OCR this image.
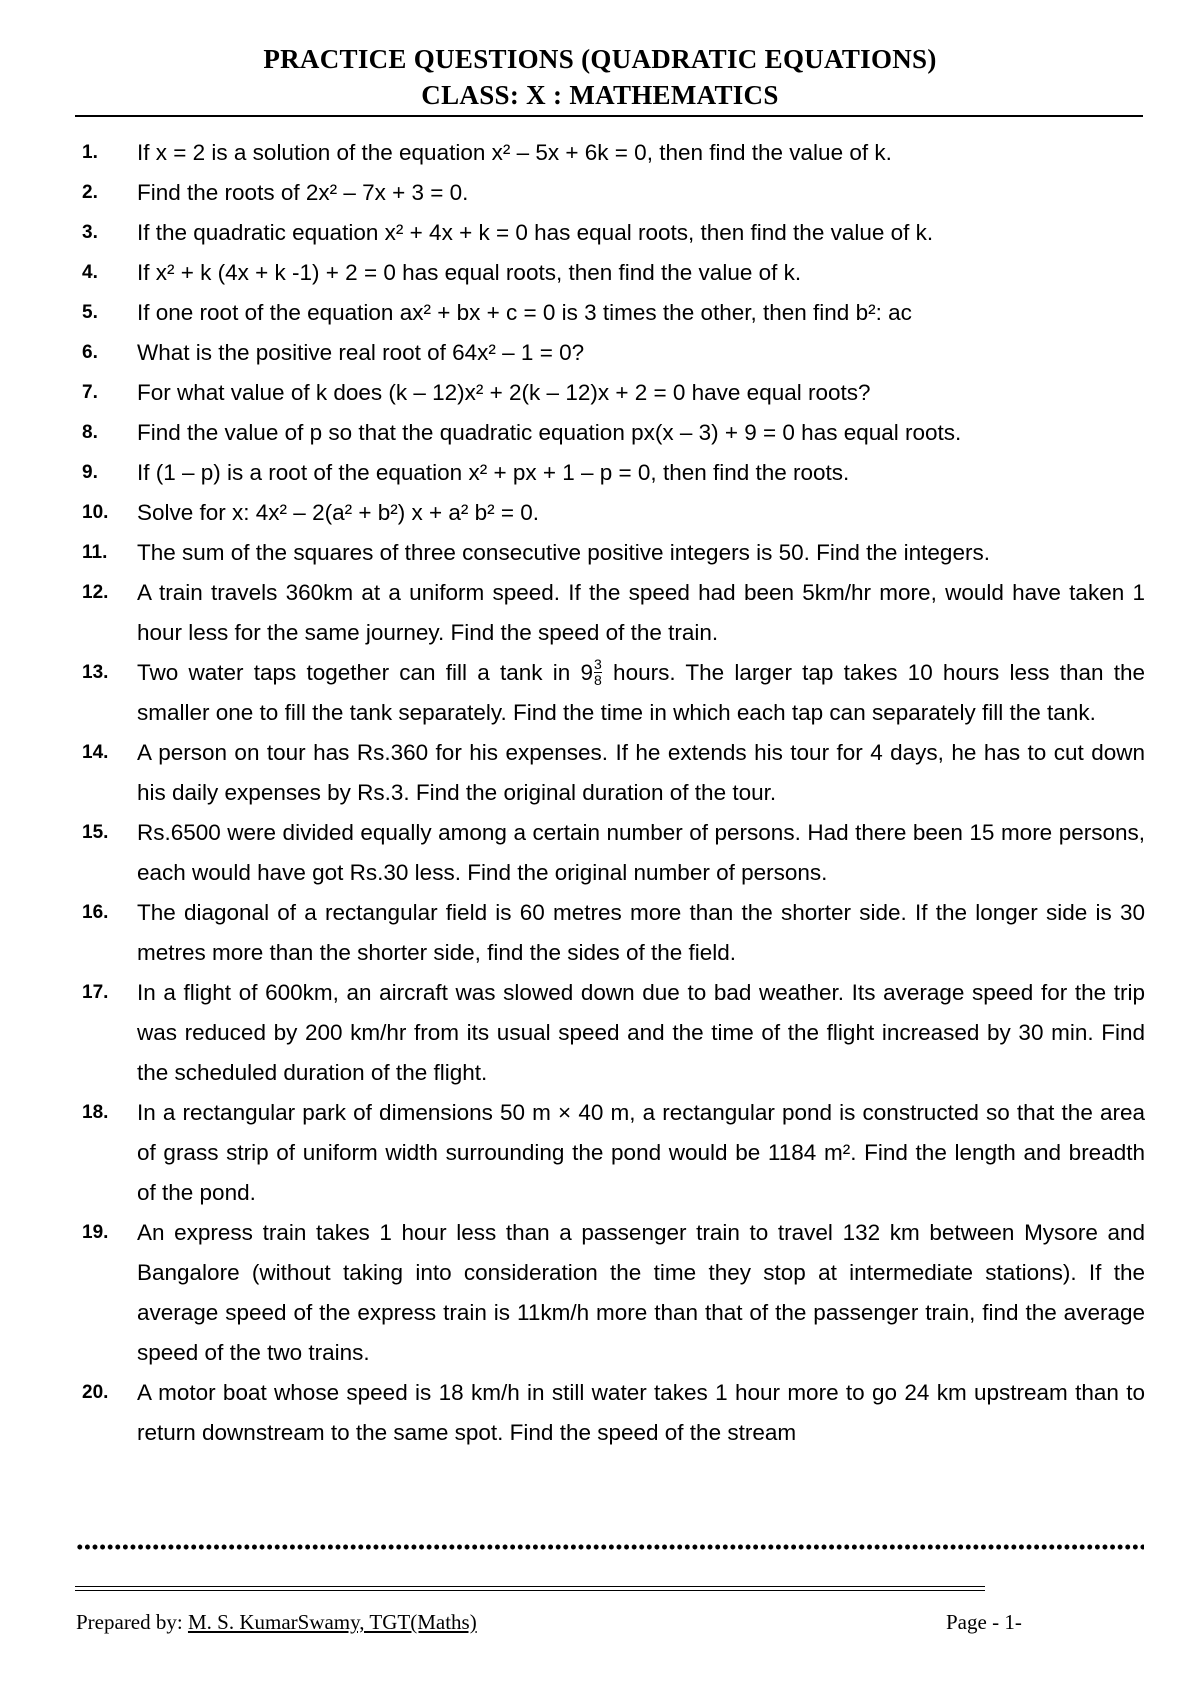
PRACTICE QUESTIONS (QUADRATIC EQUATIONS)
CLASS: X : MATHEMATICS
1.	If x = 2 is a solution of the equation x² – 5x + 6k = 0, then find the value of k.
2.	Find the roots of 2x² – 7x + 3 = 0.
3.	If the quadratic equation x² + 4x + k = 0 has equal roots, then find the value of k.
4.	If x² + k (4x + k -1) + 2 = 0 has equal roots, then find the value of k.
5.	If one root of the equation ax² + bx + c = 0 is 3 times the other, then find b²: ac
6.	What is the positive real root of 64x² – 1 = 0?
7.	For what value of k does (k – 12)x² + 2(k – 12)x + 2 = 0 have equal roots?
8.	Find the value of p so that the quadratic equation px(x – 3) + 9 = 0 has equal roots.
9.	If (1 – p) is a root of the equation x² + px + 1 – p = 0, then find the roots.
10.	Solve for x: 4x² – 2(a² + b²) x + a² b² = 0.
11.	The sum of the squares of three consecutive positive integers is 50. Find the integers.
12.	A train travels 360km at a uniform speed. If the speed had been 5km/hr more, would have taken 1 hour less for the same journey. Find the speed of the train.
13.	Two water taps together can fill a tank in $9 \frac{3}{8}$ hours. The larger tap takes 10 hours less than the smaller one to fill the tank separately. Find the time in which each tap can separately fill the tank.
14.	A person on tour has Rs.360 for his expenses. If he extends his tour for 4 days, he has to cut down his daily expenses by Rs.3. Find the original duration of the tour.
15.	Rs.6500 were divided equally among a certain number of persons. Had there been 15 more persons, each would have got Rs.30 less. Find the original number of persons.
16.	The diagonal of a rectangular field is 60 metres more than the shorter side. If the longer side is 30 metres more than the shorter side, find the sides of the field.
17.	In a flight of 600km, an aircraft was slowed down due to bad weather. Its average speed for the trip was reduced by 200 km/hr from its usual speed and the time of the flight increased by 30 min. Find the scheduled duration of the flight.
18.	In a rectangular park of dimensions 50 m × 40 m, a rectangular pond is constructed so that the area of grass strip of uniform width surrounding the pond would be 1184 m². Find the length and breadth of the pond.
19.	An express train takes 1 hour less than a passenger train to travel 132 km between Mysore and Bangalore (without taking into consideration the time they stop at intermediate stations). If the average speed of the express train is 11km/h more than that of the passenger train, find the average speed of the two trains.
20.	A motor boat whose speed is 18 km/h in still water takes 1 hour more to go 24 km upstream than to return downstream to the same spot. Find the speed of the stream
Prepared by: M. S. KumarSwamy, TGT(Maths)	Page - 1-
